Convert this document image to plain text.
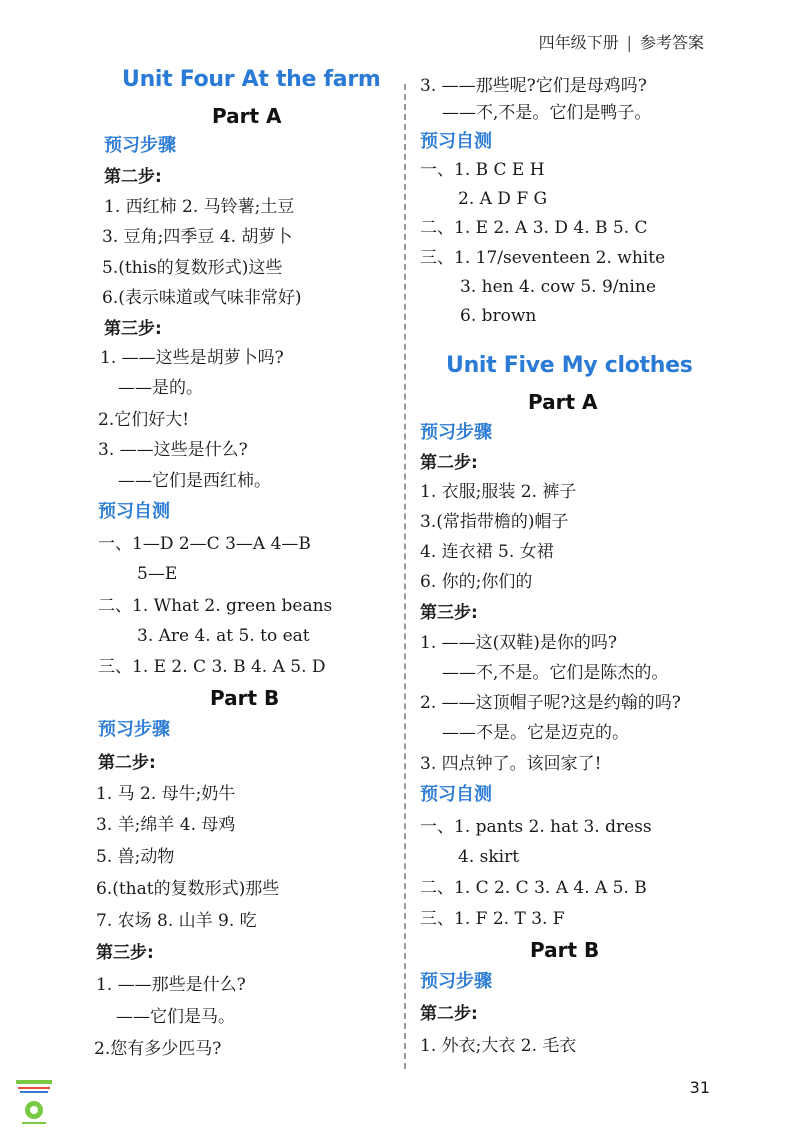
四年级下册 | 参考答案
Unit Four At the farm
Part A
预习步骤
第二步:
1. 西红柿 2. 马铃薯;土豆
3. 豆角;四季豆 4. 胡萝卜
5.(this的复数形式)这些
6.(表示味道或气味非常好)
第三步:
1. ——这些是胡萝卜吗?
——是的。
2.它们好大!
3. ——这些是什么?
——它们是西红柿。
预习自测
一、1—D 2—C 3—A 4—B
5—E
二、1. What 2. green beans
3. Are 4. at 5. to eat
三、1. E 2. C 3. B 4. A 5. D
Part B
预习步骤
第二步:
1. 马 2. 母牛;奶牛
3. 羊;绵羊 4. 母鸡
5. 兽;动物
6.(that的复数形式)那些
7. 农场 8. 山羊 9. 吃
第三步:
1. ——那些是什么?
——它们是马。
2.您有多少匹马?
3. ——那些呢?它们是母鸡吗?
——不,不是。它们是鸭子。
预习自测
一、1. B C E H
2. A D F G
二、1. E 2. A 3. D 4. B 5. C
三、1. 17/seventeen 2. white
3. hen 4. cow 5. 9/nine
6. brown
Unit Five My clothes
Part A
预习步骤
第二步:
1. 衣服;服装 2. 裤子
3.(常指带檐的)帽子
4. 连衣裙 5. 女裙
6. 你的;你们的
第三步:
1. ——这(双鞋)是你的吗?
——不,不是。它们是陈杰的。
2. ——这顶帽子呢?这是约翰的吗?
——不是。它是迈克的。
3. 四点钟了。该回家了!
预习自测
一、1. pants 2. hat 3. dress
4. skirt
二、1. C 2. C 3. A 4. A 5. B
三、1. F 2. T 3. F
Part B
预习步骤
第二步:
1. 外衣;大衣 2. 毛衣
31
